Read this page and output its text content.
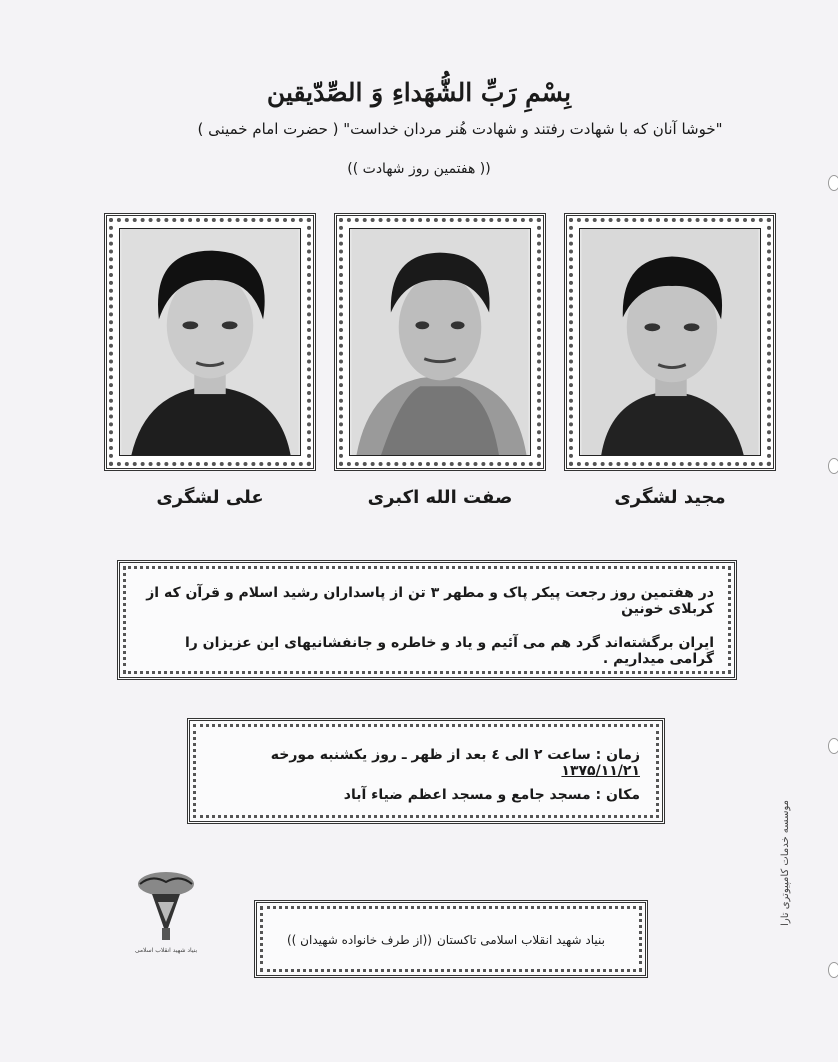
بِسْمِ رَبِّ الشُّهَداءِ وَ الصِّدّیقین
"خوشا آنان که با شهادت رفتند و شهادت هُنر مردان خداست" ( حضرت امام خمینی )
(( هفتمین روز شهادت ))
مجید لشگری
صفت الله اکبری
علی لشگری
در هفتمین روز رجعت پیکر پاک و مطهر ۳ تن از پاسداران رشید اسلام و قرآن که از کربلای خونین
ایران برگشته‌اند گرد هم می آئیم و یاد و خاطره و جانفشانیهای این عزیزان را گرامی میداریم .
زمان : ساعت ۲ الی ٤ بعد از ظهر ـ روز یکشنبه مورخه ۱۳۷۵/۱۱/۲۱
مکان : مسجد جامع و مسجد اعظم ضیاء آباد
بنیاد شهید انقلاب اسلامی
بنیاد شهید انقلاب اسلامی تاکستان
((از طرف خانواده شهیدان ))
موسسه خدمات کامپیوتری تارا
